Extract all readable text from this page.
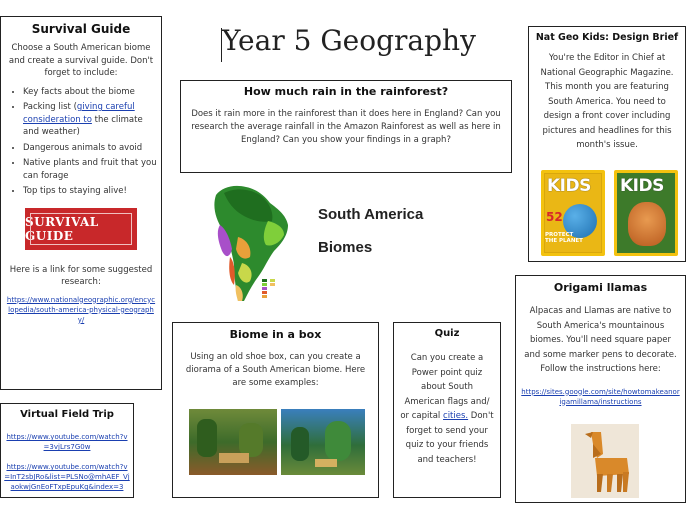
Year 5 Geography
Survival Guide
Choose a South American biome and create a survival guide. Don't forget to include:
• Key facts about the biome
• Packing list (giving careful consideration to the climate and weather)
• Dangerous animals to avoid
• Native plants and fruit that you can forage
• Top tips to staying alive!
SURVIVAL GUIDE
Here is a link for some suggested research:
https://www.nationalgeographic.org/encyclopedia/south-america-physical-geography/
Virtual Field Trip
https://www.youtube.com/watch?v=3vjLrs7G0w
https://www.youtube.com/watch?v=InT2sbJRo&list=PLSNo@mhAEF_VjaokwjGnEoFTxpEpuKg&index=3
How much rain in the rainforest?
Does it rain more in the rainforest than it does here in England? Can you research the average rainfall in the Amazon Rainforest as well as here in England? Can you show your findings in a graph?
South America
Biomes
Biome in a box
Using an old shoe box, can you create a diorama of a South American biome. Here are some examples:
Quiz
Can you create a Power point quiz about South American flags and/ or capital cities. Don't forget to send your quiz to your friends and teachers!
Nat Geo Kids: Design Brief
You're the Editor in Chief at National Geographic Magazine. This month you are featuring South America. You need to design a front cover including pictures and headlines for this month's issue.
KIDS
52
PROTECT THE PLANET
KIDS
Origami llamas
Alpacas and Llamas are native to South America's mountainous biomes. You'll need square paper and some marker pens to decorate. Follow the instructions here:
https://sites.google.com/site/howtomakeanorigamillama/instructions
